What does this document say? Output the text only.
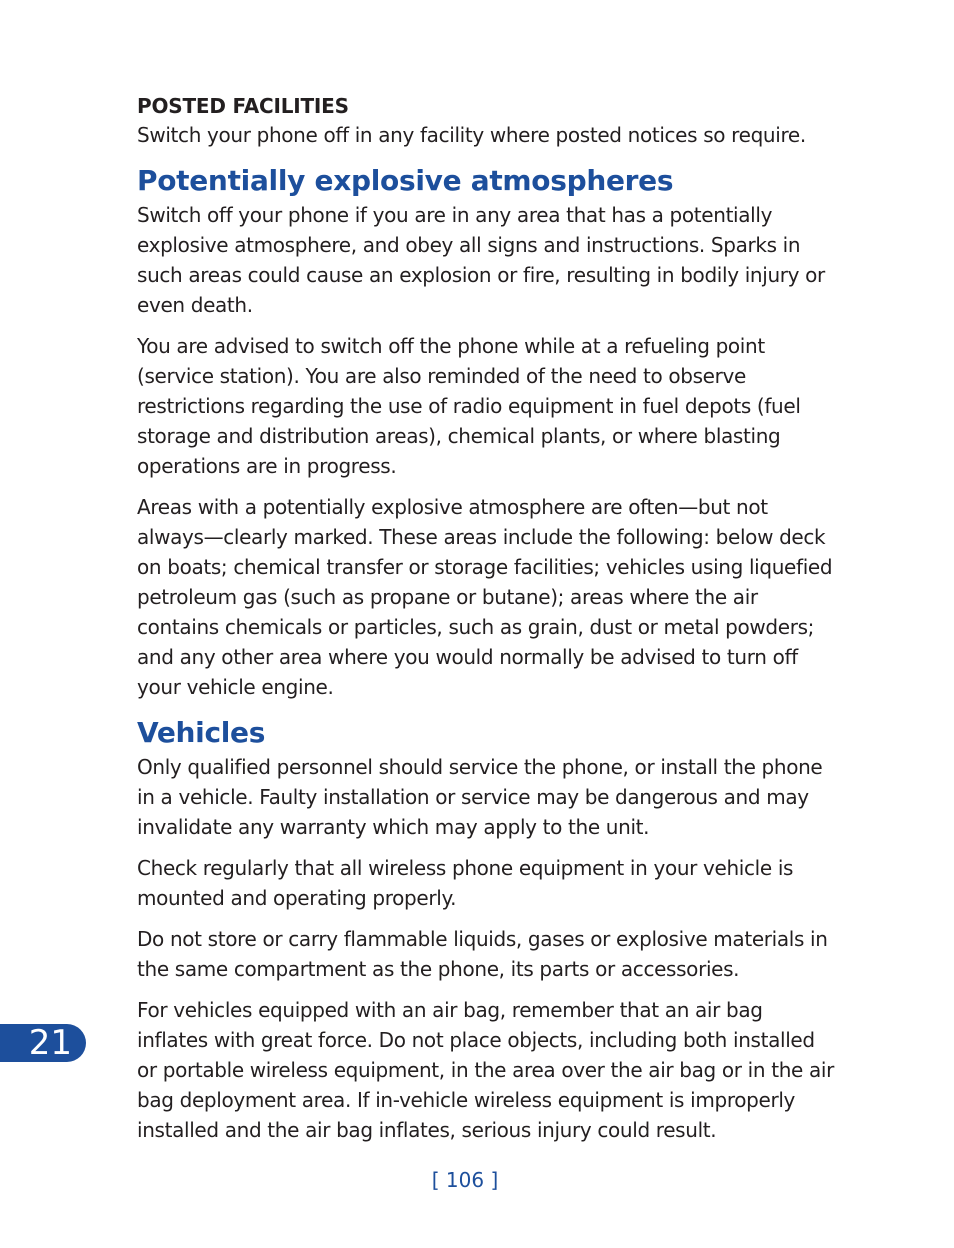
POSTED FACILITIES

Switch your phone off in any facility where posted notices so require.

Potentially explosive atmospheres

Switch off your phone if you are in any area that has a potentially explosive atmosphere, and obey all signs and instructions. Sparks in such areas could cause an explosion or fire, resulting in bodily injury or even death.

You are advised to switch off the phone while at a refueling point (service station). You are also reminded of the need to observe restrictions regarding the use of radio equipment in fuel depots (fuel storage and distribution areas), chemical plants, or where blasting operations are in progress.

Areas with a potentially explosive atmosphere are often—but not always—clearly marked. These areas include the following: below deck on boats; chemical transfer or storage facilities; vehicles using liquefied petroleum gas (such as propane or butane); areas where the air contains chemicals or particles, such as grain, dust or metal powders; and any other area where you would normally be advised to turn off your vehicle engine.

Vehicles

Only qualified personnel should service the phone, or install the phone in a vehicle. Faulty installation or service may be dangerous and may invalidate any warranty which may apply to the unit.

Check regularly that all wireless phone equipment in your vehicle is mounted and operating properly.

Do not store or carry flammable liquids, gases or explosive materials in the same compartment as the phone, its parts or accessories.

For vehicles equipped with an air bag, remember that an air bag inflates with great force. Do not place objects, including both installed or portable wireless equipment, in the area over the air bag or in the air bag deployment area. If in-vehicle wireless equipment is improperly installed and the air bag inflates, serious injury could result.

21
[ 106 ]
